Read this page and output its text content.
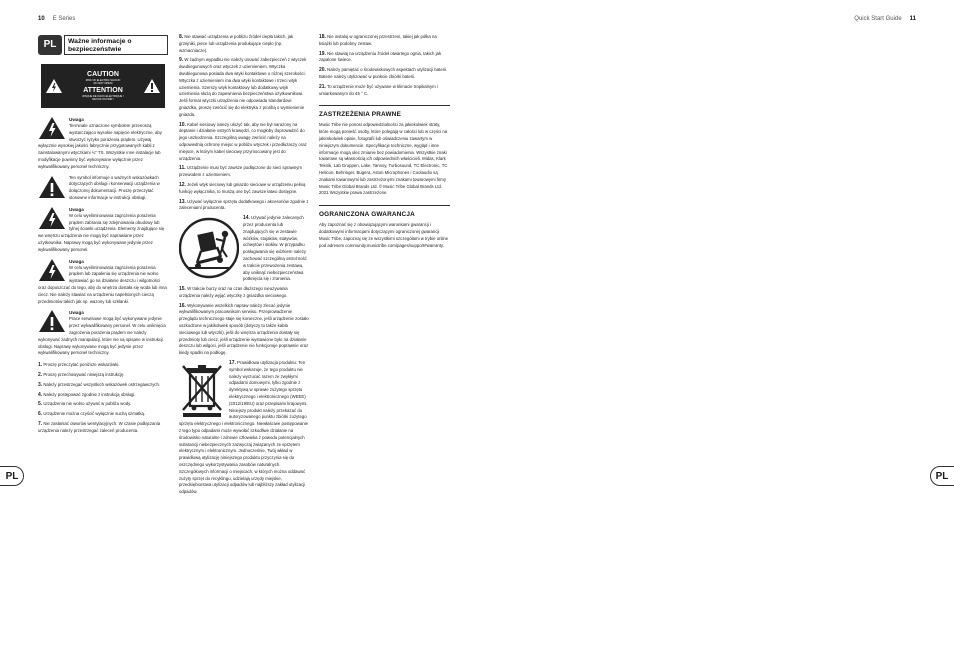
10 E Series	Quick Start Guide 11
PL	PL
PL	Ważne informacje o bezpieczeństwie
CAUTION
RISK OF ELECTRIC SHOCK!
DO NOT OPEN!
ATTENTION
RISQUE DE CHOC ELECTRIQUE !
NE PAS OUVRIR !
Uwaga
Terminale oznaczone symbolem przenoszą wystarczająco wysokie napięcie elektryczne, aby stworzyć ryzyko porażenia prądem. Używaj wyłącznie wysokiej jakości fabrycznie przygotowanych kabli z zainstalowanymi wtyczkami ¼" TS. Wszystkie inne instalacje lub modyfikacje powinny być wykonywane wyłącznie przez wykwalifikowany personel techniczny.
Ten symbol informuje o ważnych wskazówkach dotyczących obsługi i konserwacji urządzenia w dołączonej dokumentacji. Proszę przeczytać stosowne informacje w instrukcji obsługi.
Uwaga
W celu wyeliminowania zagrożenia porażenia prądem zabrania się zdejmowania obudowy lub tylnej ścianki urządzenia. Elementy znajdujące się we wnętrzu urządzenia nie mogą być naprawiane przez użytkownika. Naprawy mogą być wykonywane jedynie przez wykwalifikowany personel.
Uwaga
W celu wyeliminowania zagrożenia porażenia prądem lub zapalenia się urządzenia nie wolno wystawiać go na działanie deszczu i wilgotności oraz dopuszczać do tego, aby do wnętrza dostała się woda lub inna ciecz. Nie należy stawiać na urządzeniu napełnionych cieczą przedmiotów takich jak np. wazony lub szklanki.
Uwaga
Prace serwisowe mogą być wykonywane jedynie przez wykwalifikowany personel. W celu uniknięcia zagrożenia porażenia prądem nie należy wykonywać żadnych manipulacji, które nie są opisane w instrukcji obsługi. Naprawy wykonywane mogą być jedynie przez wykwalifikowany personel techniczny.

1. Proszę przeczytać poniższe wskazówki.

2. Proszę przechowywać niniejszą instrukcję.

3. Należy przestrzegać wszystkich wskazówek ostrzegawczych.

4. Należy postępować zgodnie z instrukcją obsługi.

5. Urządzenia nie wolno używać w pobliżu wody.

6. Urządzenie można czyścić wyłącznie suchą szmatką.

7. Nie zasłaniać otworów wentylacyjnych. W czasie podłączania urządzenia należy przestrzegać zaleceń producenta.

8. Nie stawiać urządzenia w pobliżu źródeł ciepła takich, jak grzejniki, piece lub urządzenia produkujące ciepło (np. wzmacniacze).

9. W żadnym wypadku nie należy usuwać zabezpieczeń z wtyczek dwubiegunowych oraz wtyczek z uziemieniem. Wtyczka dwubiegunowa posiada dwa wtyki kontaktowe o różnej szerokości. Wtyczka z uziemieniem ma dwa wtyki kontaktowe i trzeci wtyk uziemienia. Szerszy wtyk kontaktowy lub dodatkowy wtyk uziemienia służą do zapewnienia bezpieczeństwa użytkownikowi. Jeśli format wtyczki urządzenia nie odpowiada standardowi gniazdka, proszę zwrócić się do elektryka z prośbą o wymienienie gniazda.

10. Kabel sieciowy należy ułożyć tak, aby nie był narażony na deptanie i działanie ostrych krawędzi, co mogłoby doprowadzić do jego uszkodzenia. Szczególną uwagę zwrócić należy na odpowiednią ochronę miejsc w pobliżu wtyczek i przedłużaczy oraz miejsce, w którym kabel sieciowy przymocowany jest do urządzenia.

11. Urządzenie musi być zawsze podłączone do sieci sprawnym przewodem z uziemieniem.

12. Jeżeli wtyk sieciowy lub gniazdo sieciowe w urządzeniu pełnią funkcję wyłącznika, to muszą one być zawsze łatwo dostępne.

13. Używać wyłącznie sprzętu dodatkowego i akcesoriów zgodnie z zaleceniami producenta.

14. Używać jedynie zalecanych przez producenta lub znajdujących się w zestawie wózków, stojaków, statywów, uchwytów i stołów. W przypadku posługiwania się wózkiem należy zachować szczególną ostrożność w trakcie przewożenia zestawu, aby uniknąć niebezpieczeństwa potknięcia się i zranienia.

15. W trakcie burzy oraz na czas dłuższego nieużywania urządzenia należy wyjąć wtyczkę z gniazdka sieciowego.

16. Wykonywanie wszelkich napraw należy zlecać jedynie wykwalifikowanym pracownikom serwisu. Przeprowadzenie przeglądu technicznego staje się konieczne, jeśli urządzenie zostało uszkodzone w jakikolwiek sposób (dotyczy to także kabla sieciowego lub wtyczki), jeśli do wnętrza urządzenia dostały się przedmioty lub ciecz, jeśli urządzenie wystawione było na działanie deszczu lub wilgoci, jeśli urządzenie nie funkcjonuje poprawnie oraz kiedy spadło na podłogę.

17. Prawidłowa utylizacja produktu: Ten symbol wskazuje, że tego produktu nie należy wyrzucać razem ze zwykłymi odpadami domowymi, tylko zgodnie z dyrektywą w sprawie zużytego sprzętu elektrycznego i elektronicznego (WEEE) (2012/19/EU) oraz przepisami krajowymi. Niniejszy produkt należy przekazać do autoryzowanego punktu zbiórki zużytego sprzętu elektrycznego i elektronicznego. Niewłaściwe postępowanie z tego typu odpadami może wywołać szkodliwe działanie na środowisko naturalne i zdrowie człowieka z powodu potencjalnych substancji niebezpiecznych zazwyczaj związanych ze sprzętem elektrycznym i elektronicznym. Jednocześnie, Twój wkład w prawidłową utylizację niniejszego produktu przyczynia się do oszczędnego wykorzystywania zasobów naturalnych. Szczegółowych informacji o miejscach, w których można oddawać zużyty sprzęt do recyklingu, udzielają urzędy miejskie, przedsiębiorstwa utylizacji odpadów lub najbliższy zakład utylizacji odpadów.

18. Nie instaluj w ograniczonej przestrzeni, takiej jak półka na książki lub podobny zestaw.

19. Nie stawiaj na urządzeniu źródeł otwartego ognia, takich jak zapalone świece.

20. Należy pamiętać o środowiskowych aspektach utylizacji baterii. Baterie należy utylizować w punkcie zbiórki baterii.

21. To urządzenie może być używane w klimacie tropikalnym i umiarkowanym do 45 ° C.

ZASTRZEŻENIA PRAWNE

Music Tribe nie ponosi odpowiedzialności za jakiekolwiek straty, które mogą ponieść osoby, które polegają w całości lub w części na jakimkolwiek opisie, fotografii lub oświadczeniu zawartym w niniejszym dokumencie. Specyfikacje techniczne, wygląd i inne informacje mogą ulec zmianie bez powiadomienia. Wszystkie znaki towarowe są własnością ich odpowiednich właścicieli. Midas, Klark Teknik, Lab Gruppen, Lake, Tannoy, Turbosound, TC Electronic, TC Helicon, Behringer, Bugera, Aston Microphones i Coolaudio są znakami towarowymi lub zastrzeżonymi znakami towarowymi firmy Music Tribe Global Brands Ltd. © Music Tribe Global Brands Ltd. 2021 Wszystkie prawa zastrzeżone.

OGRANICZONA GWARANCJA

Aby zapoznać się z obowiązującymi warunkami gwarancji i dodatkowymi informacjami dotyczącymi ograniczonej gwarancji Music Tribe, zapoznaj się ze wszystkimi szczegółami w trybie online pod adresem community.musictribe.com/pages/support#warranty.
